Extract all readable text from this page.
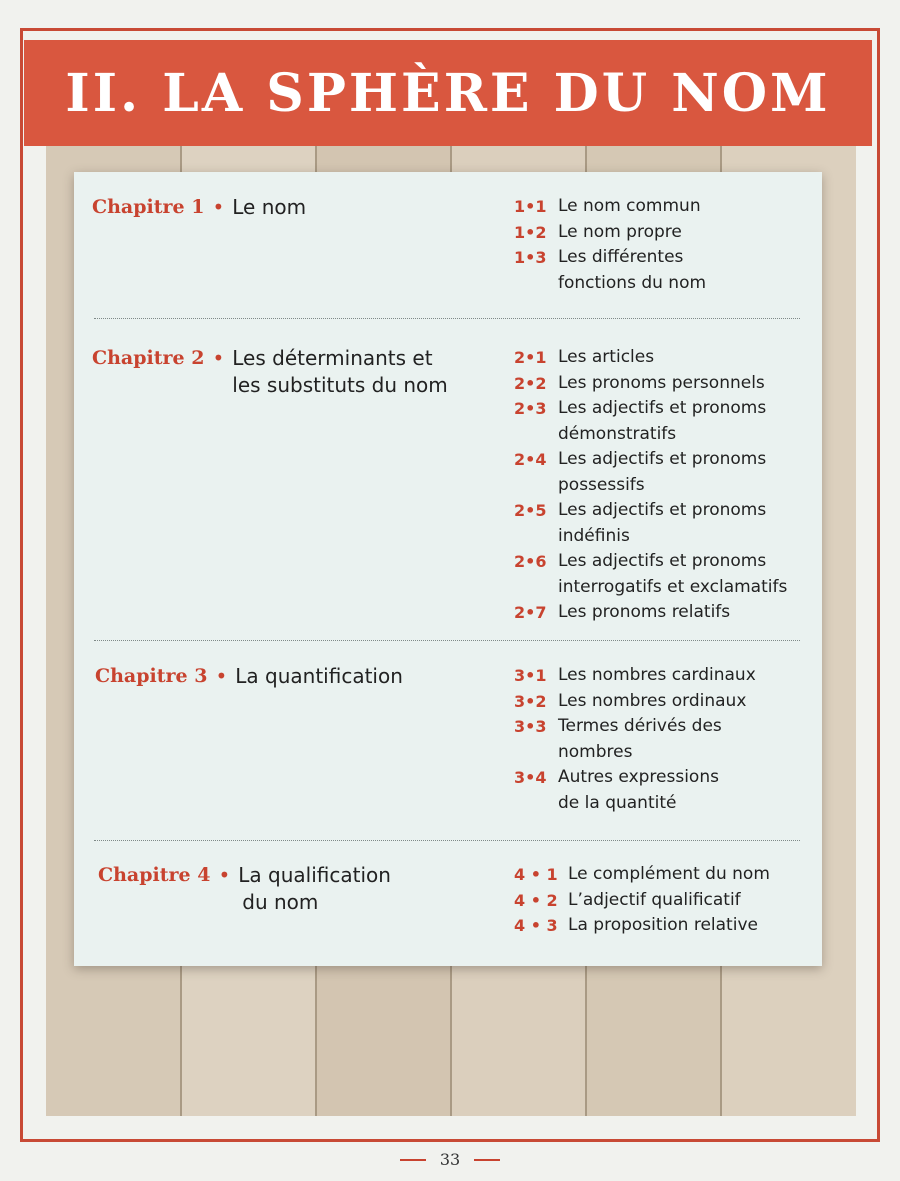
II. LA SPHÈRE DU NOM
Chapitre 1 • Le nom	1•1 Le nom commun
1•2 Le nom propre
1•3 Les différentes
fonctions du nom
Chapitre 2 • Les déterminants et
les substituts du nom
2•1 Les articles
2•2 Les pronoms personnels
2•3 Les adjectifs et pronoms
démonstratifs
2•4 Les adjectifs et pronoms
possessifs
2•5 Les adjectifs et pronoms
indéfinis
2•6 Les adjectifs et pronoms
interrogatifs et exclamatifs
2•7 Les pronoms relatifs
Chapitre 3 • La quantification	3•1 Les nombres cardinaux
3•2 Les nombres ordinaux
3•3 Termes dérivés des
nombres
3•4 Autres expressions
de la quantité
Chapitre 4 • La qualification
du nom
4 • 1 Le complément du nom
4 • 2 L’adjectif qualificatif
4 • 3 La proposition relative
33
